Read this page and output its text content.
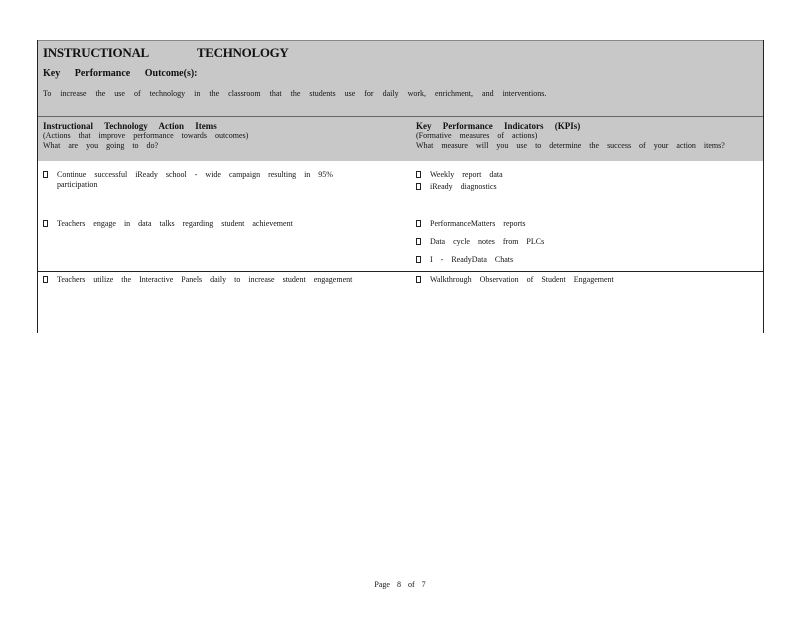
INSTRUCTIONAL TECHNOLOGY
Key Performance Outcome(s):
To increase the use of technology in the classroom that the students use for daily work, enrichment, and interventions.
Instructional Technology Action Items
(Actions that improve performance towards outcomes)
What are you going to do?
Key Performance Indicators (KPIs)
(Formative measures of actions)
What measure will you use to determine the success of your action items?
Continue successful iReady school - wide campaign resulting in 95% participation
Teachers engage in data talks regarding student achievement
Teachers utilize the Interactive Panels daily to increase student engagement
Weekly report data
iReady diagnostics
PerformanceMatters reports
Data cycle notes from PLCs
I - ReadyData Chats
Walkthrough Observation of Student Engagement
Page 8 of 7
